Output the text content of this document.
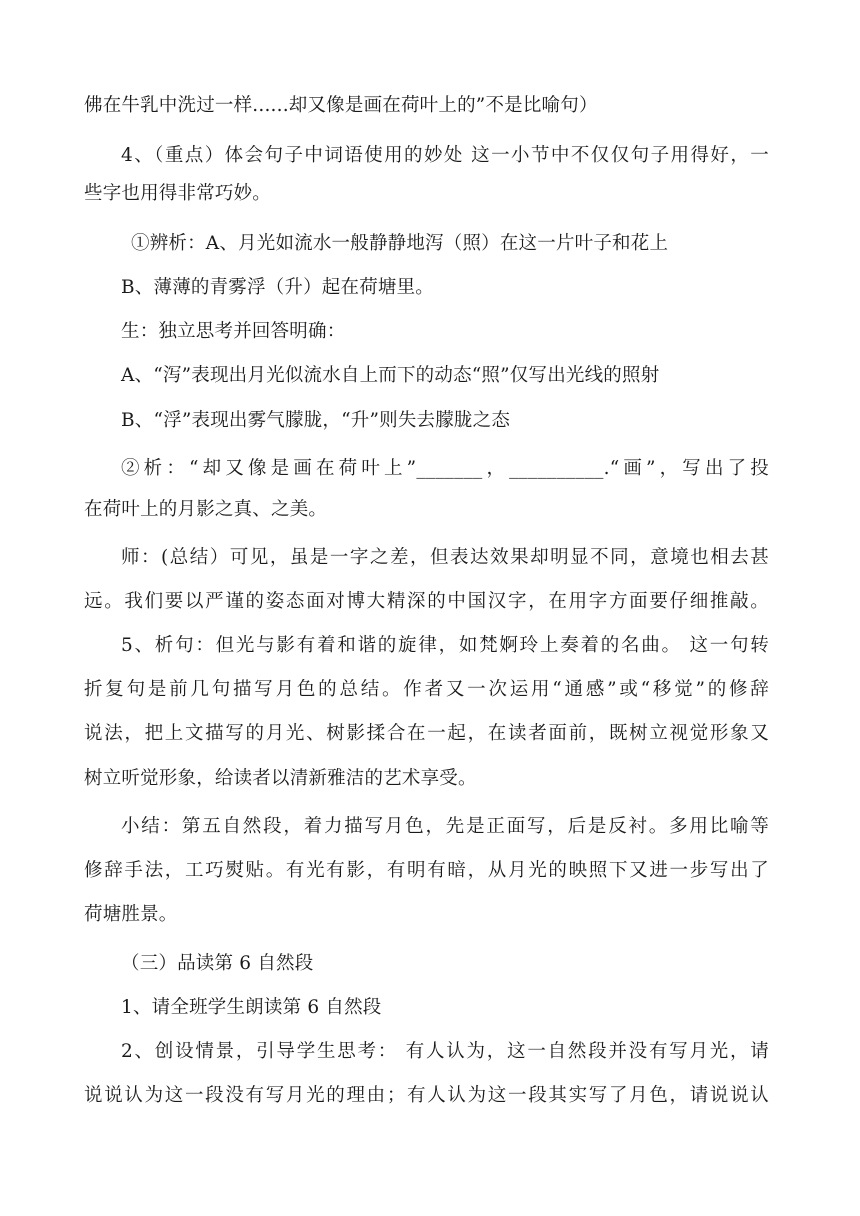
佛在牛乳中洗过一样......却又像是画在荷叶上的”不是比喻句）
4、（重点）体会句子中词语使用的妙处 这一小节中不仅仅句子用得好，一
些字也用得非常巧妙。
①辨析：A、月光如流水一般静静地泻（照）在这一片叶子和花上
B、薄薄的青雾浮（升）起在荷塘里。
生：独立思考并回答明确：
A、“泻”表现出月光似流水自上而下的动态“照”仅写出光线的照射
B、“浮”表现出雾气朦胧，“升”则失去朦胧之态
②析：“却又像是画在荷叶上”_______，__________.“画”，写出了投
在荷叶上的月影之真、之美。
师：(总结）可见，虽是一字之差，但表达效果却明显不同，意境也相去甚
远。我们要以严谨的姿态面对博大精深的中国汉字，在用字方面要仔细推敲。
5、析句：但光与影有着和谐的旋律，如梵婀玲上奏着的名曲。 这一句转
折复句是前几句描写月色的总结。作者又一次运用“通感”或“移觉”的修辞
说法，把上文描写的月光、树影揉合在一起，在读者面前，既树立视觉形象又
树立听觉形象，给读者以清新雅洁的艺术享受。
小结：第五自然段，着力描写月色，先是正面写，后是反衬。多用比喻等
修辞手法，工巧熨贴。有光有影，有明有暗，从月光的映照下又进一步写出了
荷塘胜景。
（三）品读第 6 自然段
1、请全班学生朗读第 6 自然段
2、创设情景，引导学生思考： 有人认为，这一自然段并没有写月光，请
说说认为这一段没有写月光的理由；有人认为这一段其实写了月色，请说说认
